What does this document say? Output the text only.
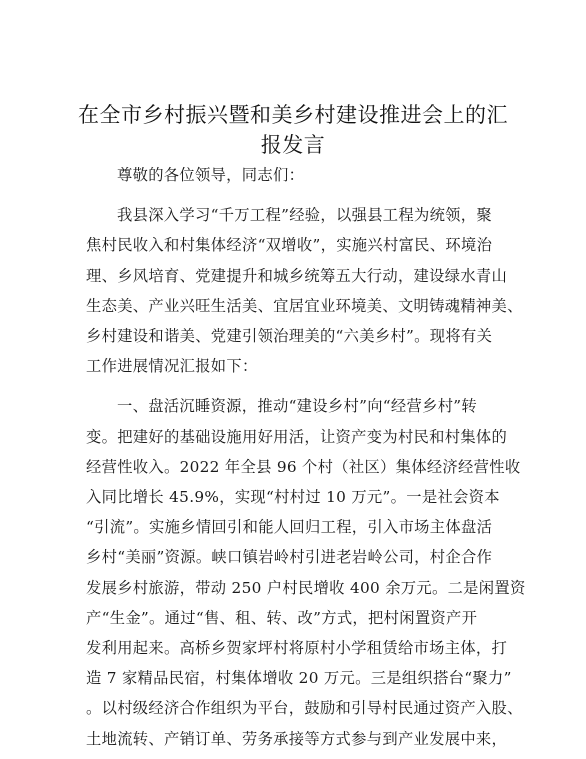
在全市乡村振兴暨和美乡村建设推进会上的汇
报发言

尊敬的各位领导，同志们：

我县深入学习“千万工程”经验，以强县工程为统领，聚
焦村民收入和村集体经济“双增收”，实施兴村富民、环境治
理、乡风培育、党建提升和城乡统筹五大行动，建设绿水青山
生态美、产业兴旺生活美、宜居宜业环境美、文明铸魂精神美、
乡村建设和谐美、党建引领治理美的“六美乡村”。现将有关
工作进展情况汇报如下：
一、盘活沉睡资源，推动“建设乡村”向“经营乡村”转
变。把建好的基础设施用好用活，让资产变为村民和村集体的
经营性收入。2022 年全县 96 个村（社区）集体经济经营性收
入同比增长 45.9%，实现“村村过 10 万元”。一是社会资本
“引流”。实施乡情回引和能人回归工程，引入市场主体盘活
乡村“美丽”资源。峡口镇岩岭村引进老岩岭公司，村企合作
发展乡村旅游，带动 250 户村民增收 400 余万元。二是闲置资
产“生金”。通过“售、租、转、改”方式，把村闲置资产开
发利用起来。高桥乡贺家坪村将原村小学租赁给市场主体，打
造 7 家精品民宿，村集体增收 20 万元。三是组织搭台“聚力”
。以村级经济合作组织为平台，鼓励和引导村民通过资产入股、
土地流转、产销订单、劳务承接等方式参与到产业发展中来，
